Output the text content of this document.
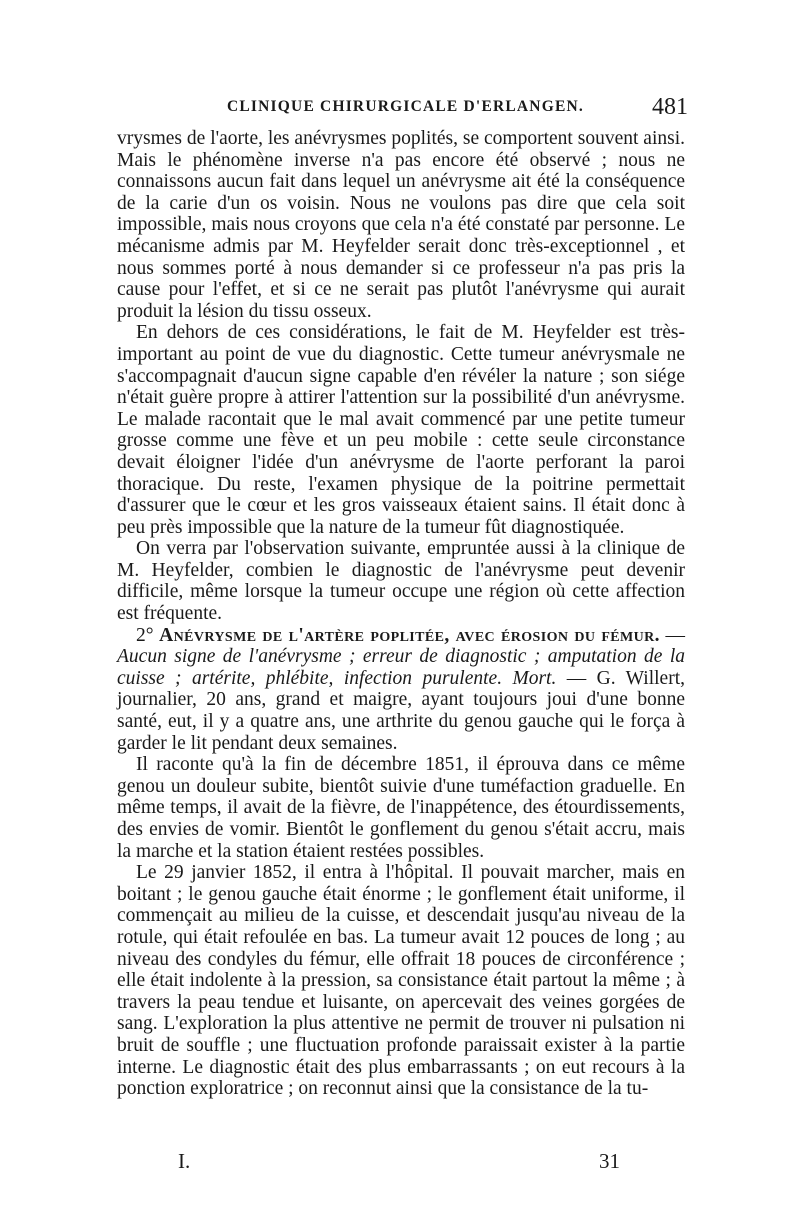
CLINIQUE CHIRURGICALE D'ERLANGEN.	481

vrysmes de l'aorte, les anévrysmes poplités, se comportent souvent ainsi. Mais le phénomène inverse n'a pas encore été observé ; nous ne connaissons aucun fait dans lequel un anévrysme ait été la conséquence de la carie d'un os voisin. Nous ne voulons pas dire que cela soit impossible, mais nous croyons que cela n'a été constaté par personne. Le mécanisme admis par M. Heyfelder serait donc très-exceptionnel , et nous sommes porté à nous demander si ce professeur n'a pas pris la cause pour l'effet, et si ce ne serait pas plutôt l'anévrysme qui aurait produit la lésion du tissu osseux.

En dehors de ces considérations, le fait de M. Heyfelder est très-important au point de vue du diagnostic. Cette tumeur anévrysmale ne s'accompagnait d'aucun signe capable d'en révéler la nature ; son siége n'était guère propre à attirer l'attention sur la possibilité d'un anévrysme. Le malade racontait que le mal avait commencé par une petite tumeur grosse comme une fève et un peu mobile : cette seule circonstance devait éloigner l'idée d'un anévrysme de l'aorte perforant la paroi thoracique. Du reste, l'examen physique de la poitrine permettait d'assurer que le cœur et les gros vaisseaux étaient sains. Il était donc à peu près impossible que la nature de la tumeur fût diagnostiquée.

On verra par l'observation suivante, empruntée aussi à la clinique de M. Heyfelder, combien le diagnostic de l'anévrysme peut devenir difficile, même lorsque la tumeur occupe une région où cette affection est fréquente.

2° Anévrysme de l'artère poplitée, avec érosion du fémur. — Aucun signe de l'anévrysme ; erreur de diagnostic ; amputation de la cuisse ; artérite, phlébite, infection purulente. Mort. — G. Willert, journalier, 20 ans, grand et maigre, ayant toujours joui d'une bonne santé, eut, il y a quatre ans, une arthrite du genou gauche qui le força à garder le lit pendant deux semaines.

Il raconte qu'à la fin de décembre 1851, il éprouva dans ce même genou un douleur subite, bientôt suivie d'une tuméfaction graduelle. En même temps, il avait de la fièvre, de l'inappétence, des étourdissements, des envies de vomir. Bientôt le gonflement du genou s'était accru, mais la marche et la station étaient restées possibles.

Le 29 janvier 1852, il entra à l'hôpital. Il pouvait marcher, mais en boitant ; le genou gauche était énorme ; le gonflement était uniforme, il commençait au milieu de la cuisse, et descendait jusqu'au niveau de la rotule, qui était refoulée en bas. La tumeur avait 12 pouces de long ; au niveau des condyles du fémur, elle offrait 18 pouces de circonférence ; elle était indolente à la pression, sa consistance était partout la même ; à travers la peau tendue et luisante, on apercevait des veines gorgées de sang. L'exploration la plus attentive ne permit de trouver ni pulsation ni bruit de souffle ; une fluctuation profonde paraissait exister à la partie interne. Le diagnostic était des plus embarrassants ; on eut recours à la ponction exploratrice ; on reconnut ainsi que la consistance de la tu-

I.	31
